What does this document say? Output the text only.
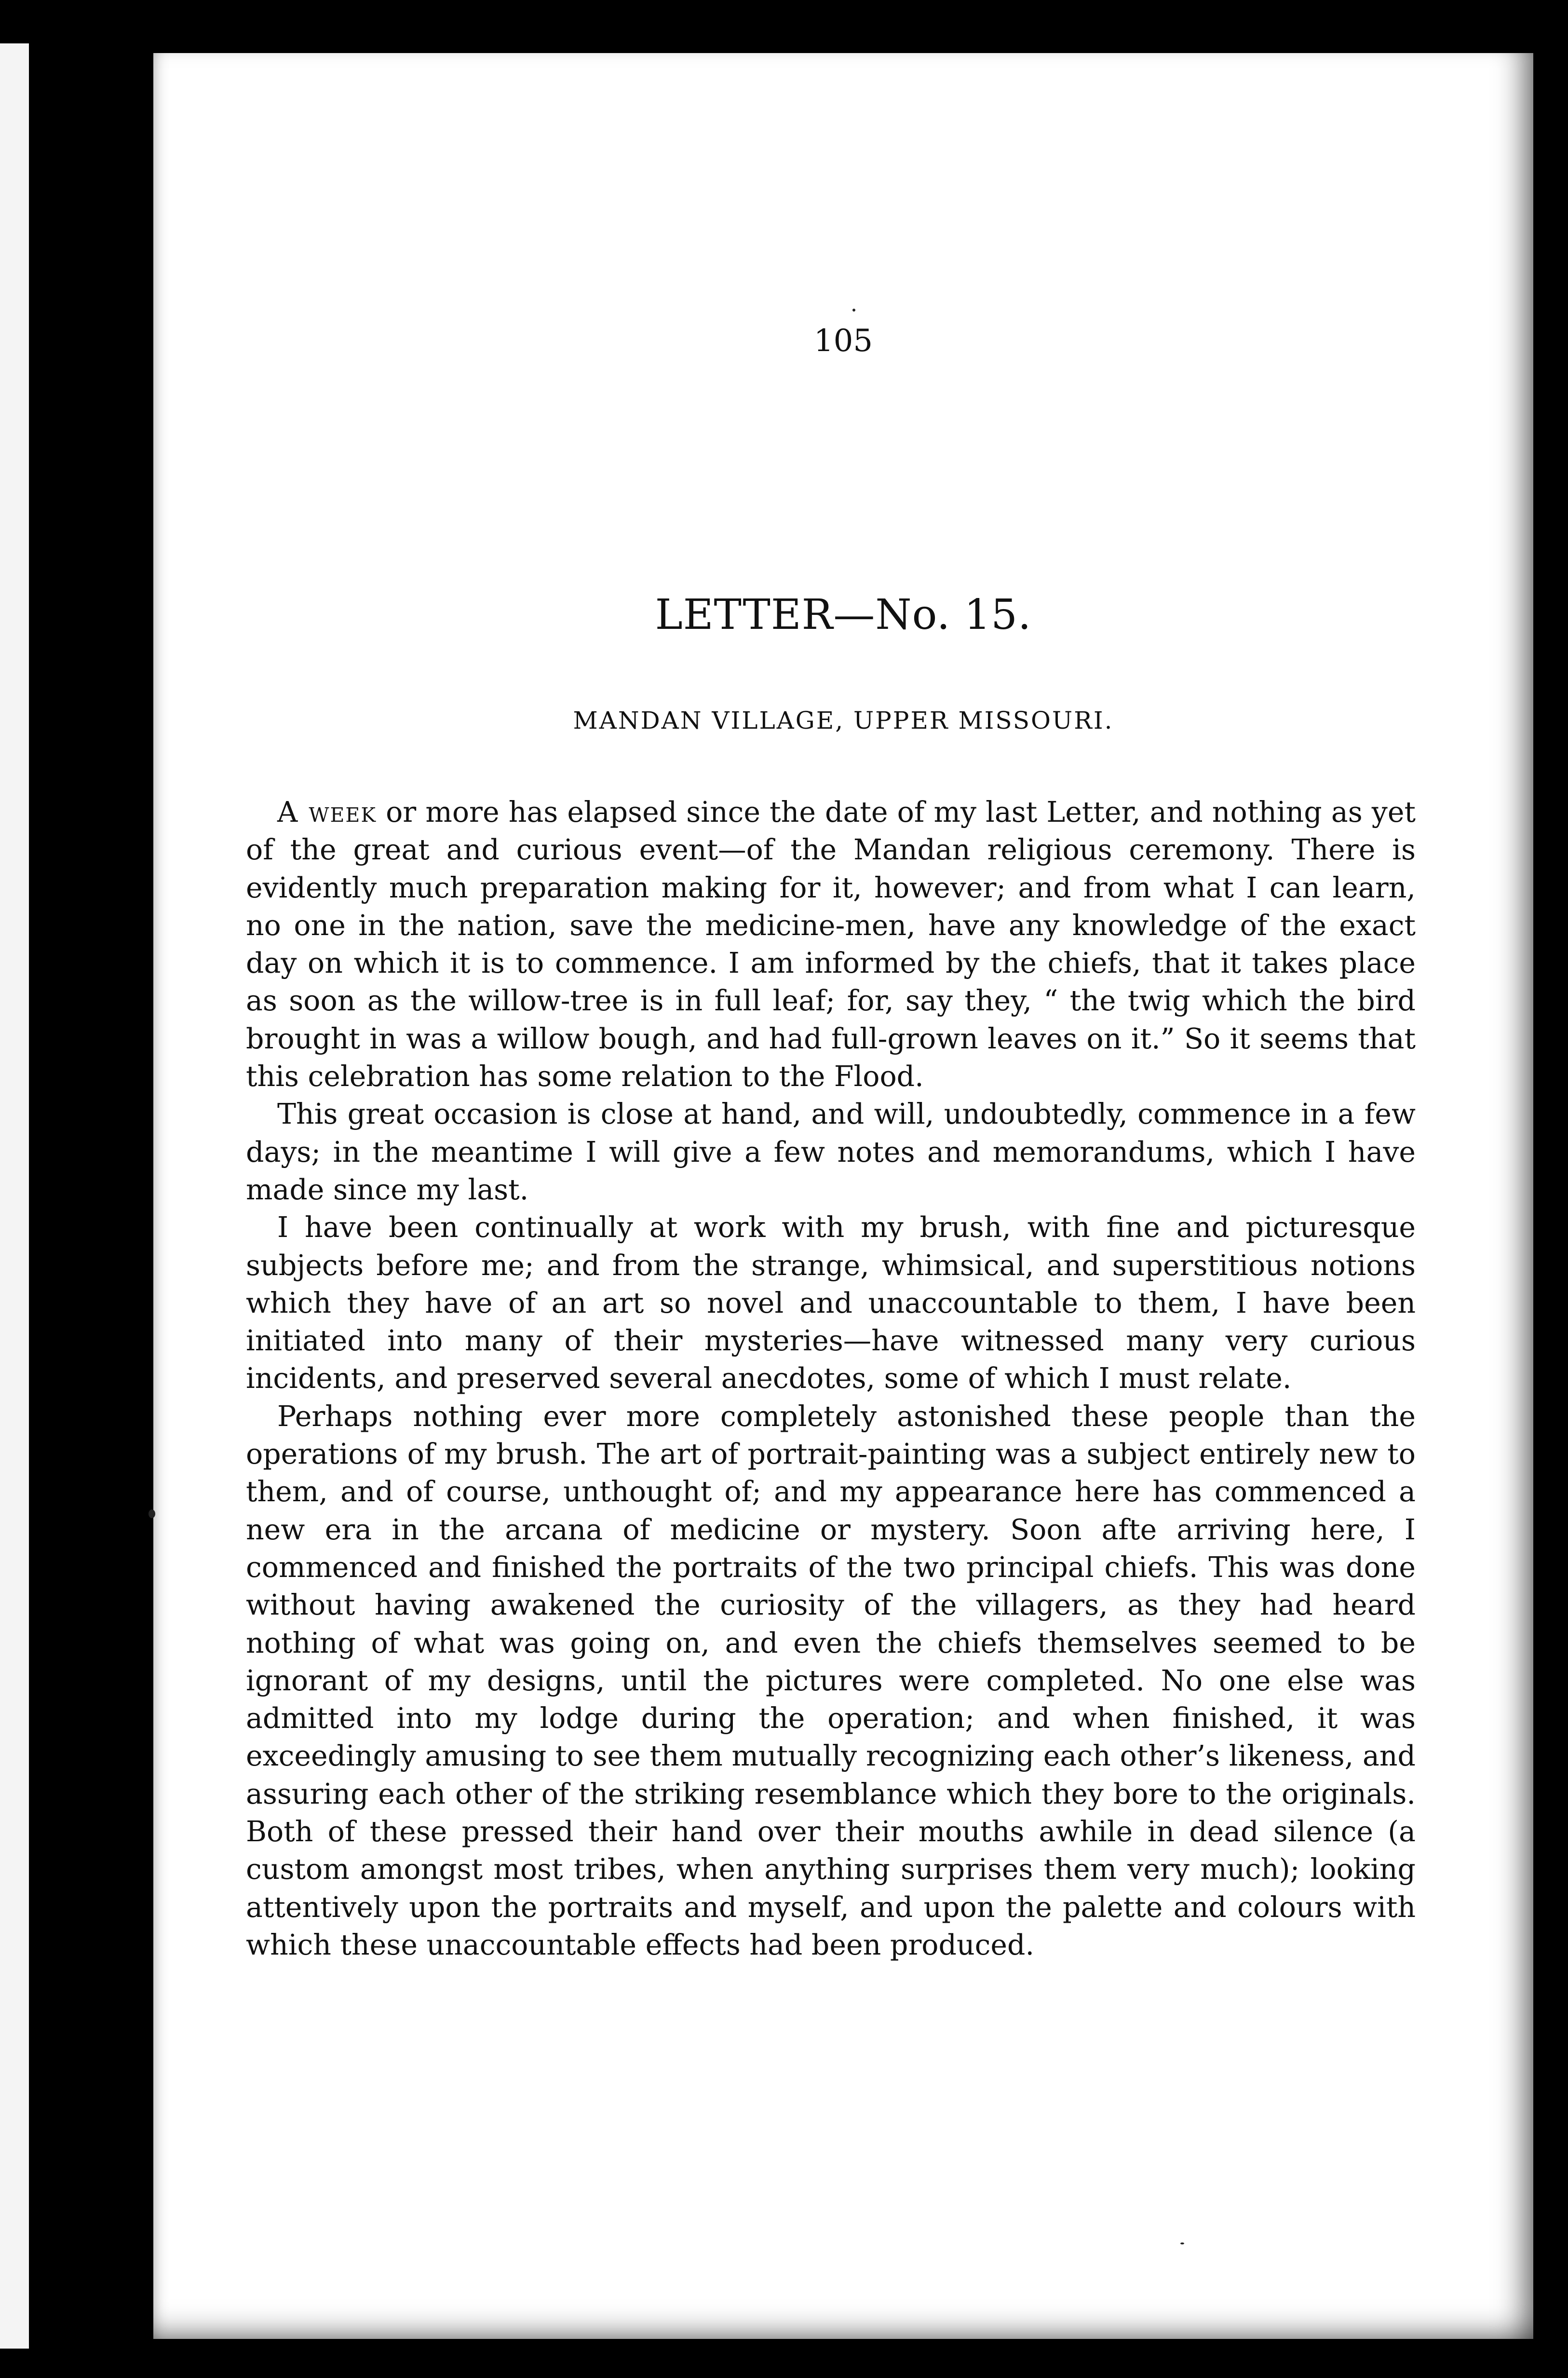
105
LETTER—No. 15.
MANDAN VILLAGE, UPPER MISSOURI.

A week or more has elapsed since the date of my last Letter, and nothing as yet of the great and curious event—of the Mandan religious ceremony. There is evidently much preparation making for it, however; and from what I can learn, no one in the nation, save the medicine-men, have any knowledge of the exact day on which it is to commence. I am informed by the chiefs, that it takes place as soon as the willow-tree is in full leaf; for, say they, “ the twig which the bird brought in was a willow bough, and had full-grown leaves on it.” So it seems that this celebration has some relation to the Flood.

This great occasion is close at hand, and will, undoubtedly, commence in a few days; in the meantime I will give a few notes and memorandums, which I have made since my last.

I have been continually at work with my brush, with fine and picturesque subjects before me; and from the strange, whimsical, and superstitious notions which they have of an art so novel and unaccountable to them, I have been initiated into many of their mysteries—have witnessed many very curious incidents, and preserved several anecdotes, some of which I must relate.

Perhaps nothing ever more completely astonished these people than the operations of my brush. The art of portrait-painting was a subject entirely new to them, and of course, unthought of; and my appearance here has commenced a new era in the arcana of medicine or mystery. Soon afte arriving here, I commenced and finished the portraits of the two principal chiefs. This was done without having awakened the curiosity of the villagers, as they had heard nothing of what was going on, and even the chiefs themselves seemed to be ignorant of my designs, until the pictures were completed. No one else was admitted into my lodge during the operation; and when finished, it was exceedingly amusing to see them mutually recognizing each other’s likeness, and assuring each other of the striking resemblance which they bore to the originals. Both of these pressed their hand over their mouths awhile in dead silence (a custom amongst most tribes, when anything surprises them very much); looking attentively upon the portraits and myself, and upon the palette and colours with which these unaccountable effects had been produced.
